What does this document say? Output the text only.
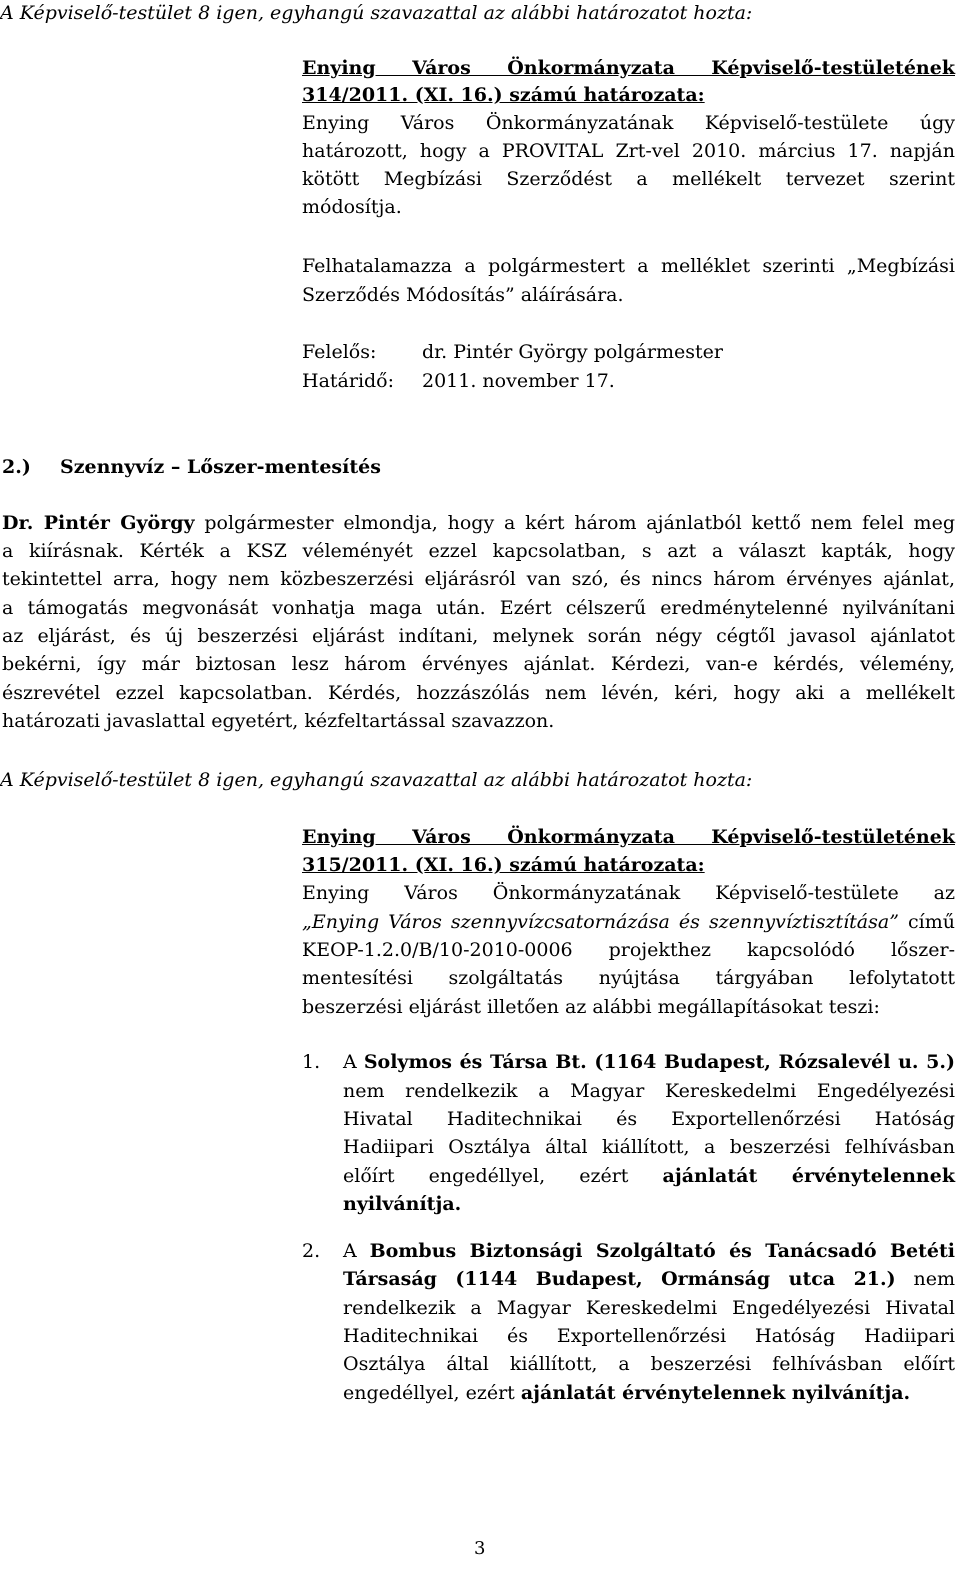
A Képviselő-testület 8 igen, egyhangú szavazattal az alábbi határozatot hozta:
Enying Város Önkormányzata Képviselő-testületének
314/2011. (XI. 16.) számú határozata:
Enying Város Önkormányzatának Képviselő-testülete úgy
határozott, hogy a PROVITAL Zrt-vel 2010. március 17. napján
kötött Megbízási Szerződést a mellékelt tervezet szerint
módosítja.
Felhatalamazza a polgármestert a melléklet szerinti „Megbízási
Szerződés Módosítás” aláírására.
Felelős: dr. Pintér György polgármester
Határidő: 2011. november 17.
2.) Szennyvíz – Lőszer-mentesítés
Dr. Pintér György polgármester elmondja, hogy a kért három ajánlatból kettő nem felel meg
a kiírásnak. Kérték a KSZ véleményét ezzel kapcsolatban, s azt a választ kapták, hogy
tekintettel arra, hogy nem közbeszerzési eljárásról van szó, és nincs három érvényes ajánlat,
a támogatás megvonását vonhatja maga után. Ezért célszerű eredménytelenné nyilvánítani
az eljárást, és új beszerzési eljárást indítani, melynek során négy cégtől javasol ajánlatot
bekérni, így már biztosan lesz három érvényes ajánlat. Kérdezi, van-e kérdés, vélemény,
észrevétel ezzel kapcsolatban. Kérdés, hozzászólás nem lévén, kéri, hogy aki a mellékelt
határozati javaslattal egyetért, kézfeltartással szavazzon.
A Képviselő-testület 8 igen, egyhangú szavazattal az alábbi határozatot hozta:
Enying Város Önkormányzata Képviselő-testületének
315/2011. (XI. 16.) számú határozata:
Enying Város Önkormányzatának Képviselő-testülete az
„Enying Város szennyvízcsatornázása és szennyvíztisztítása” című
KEOP-1.2.0/B/10-2010-0006 projekthez kapcsolódó lőszer-
mentesítési szolgáltatás nyújtása tárgyában lefolytatott
beszerzési eljárást illetően az alábbi megállapításokat teszi:
1. A Solymos és Társa Bt. (1164 Budapest, Rózsalevél u. 5.)
nem rendelkezik a Magyar Kereskedelmi Engedélyezési
Hivatal Haditechnikai és Exportellenőrzési Hatóság
Hadiipari Osztálya által kiállított, a beszerzési felhívásban
előírt engedéllyel, ezért ajánlatát érvénytelennek
nyilvánítja.
2. A Bombus Biztonsági Szolgáltató és Tanácsadó Betéti
Társaság (1144 Budapest, Ormánság utca 21.) nem
rendelkezik a Magyar Kereskedelmi Engedélyezési Hivatal
Haditechnikai és Exportellenőrzési Hatóság Hadiipari
Osztálya által kiállított, a beszerzési felhívásban előírt
engedéllyel, ezért ajánlatát érvénytelennek nyilvánítja.
3
